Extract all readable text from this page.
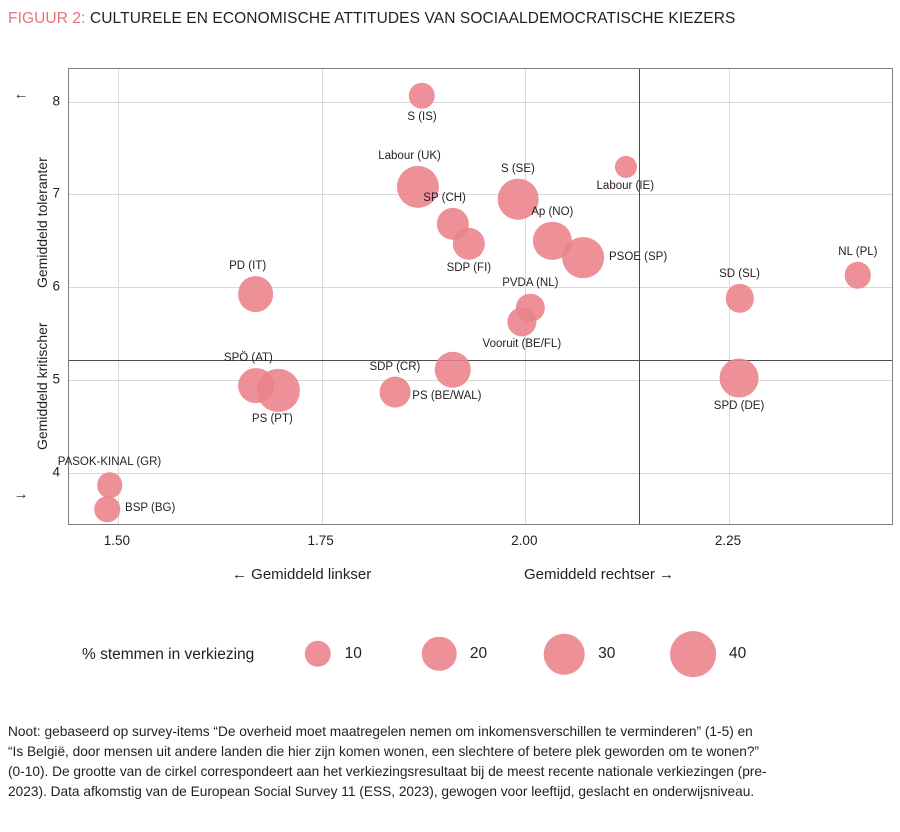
FIGUUR 2: CULTURELE EN ECONOMISCHE ATTITUDES VAN SOCIAALDEMOCRATISCHE KIEZERS
S (IS)
Labour (UK)
S (SE)
Labour (IE)
SP (CH)
Ap (NO)
SDP (FI)
PSOE (SP)	NL (PL)
PD (IT)
SD (SL)
PVDA (NL)
Vooruit (BE/FL)
SPÖ (AT)
PS (PT)
SDP (CR)
PS (BE/WAL)
SPD (DE)
PASOK-KINAL (GR)
BSP (BG)
↑
Gemiddeld toleranter
Gemiddeld kritischer
↓
← Gemiddeld linkser	Gemiddeld rechtser →
% stemmen in verkiezing	10	20	30	40

Noot: gebaseerd op survey-items “De overheid moet maatregelen nemen om inkomensverschillen te verminderen” (1-5) en

“Is België, door mensen uit andere landen die hier zijn komen wonen, een slechtere of betere plek geworden om te wonen?”

(0-10). De grootte van de cirkel correspondeert aan het verkiezingsresultaat bij de meest recente nationale verkiezingen (pre-

2023). Data afkomstig van de European Social Survey 11 (ESS, 2023), gewogen voor leeftijd, geslacht en onderwijsniveau.

4
5
6
7
8
1.50	1.75	2.00	2.25
